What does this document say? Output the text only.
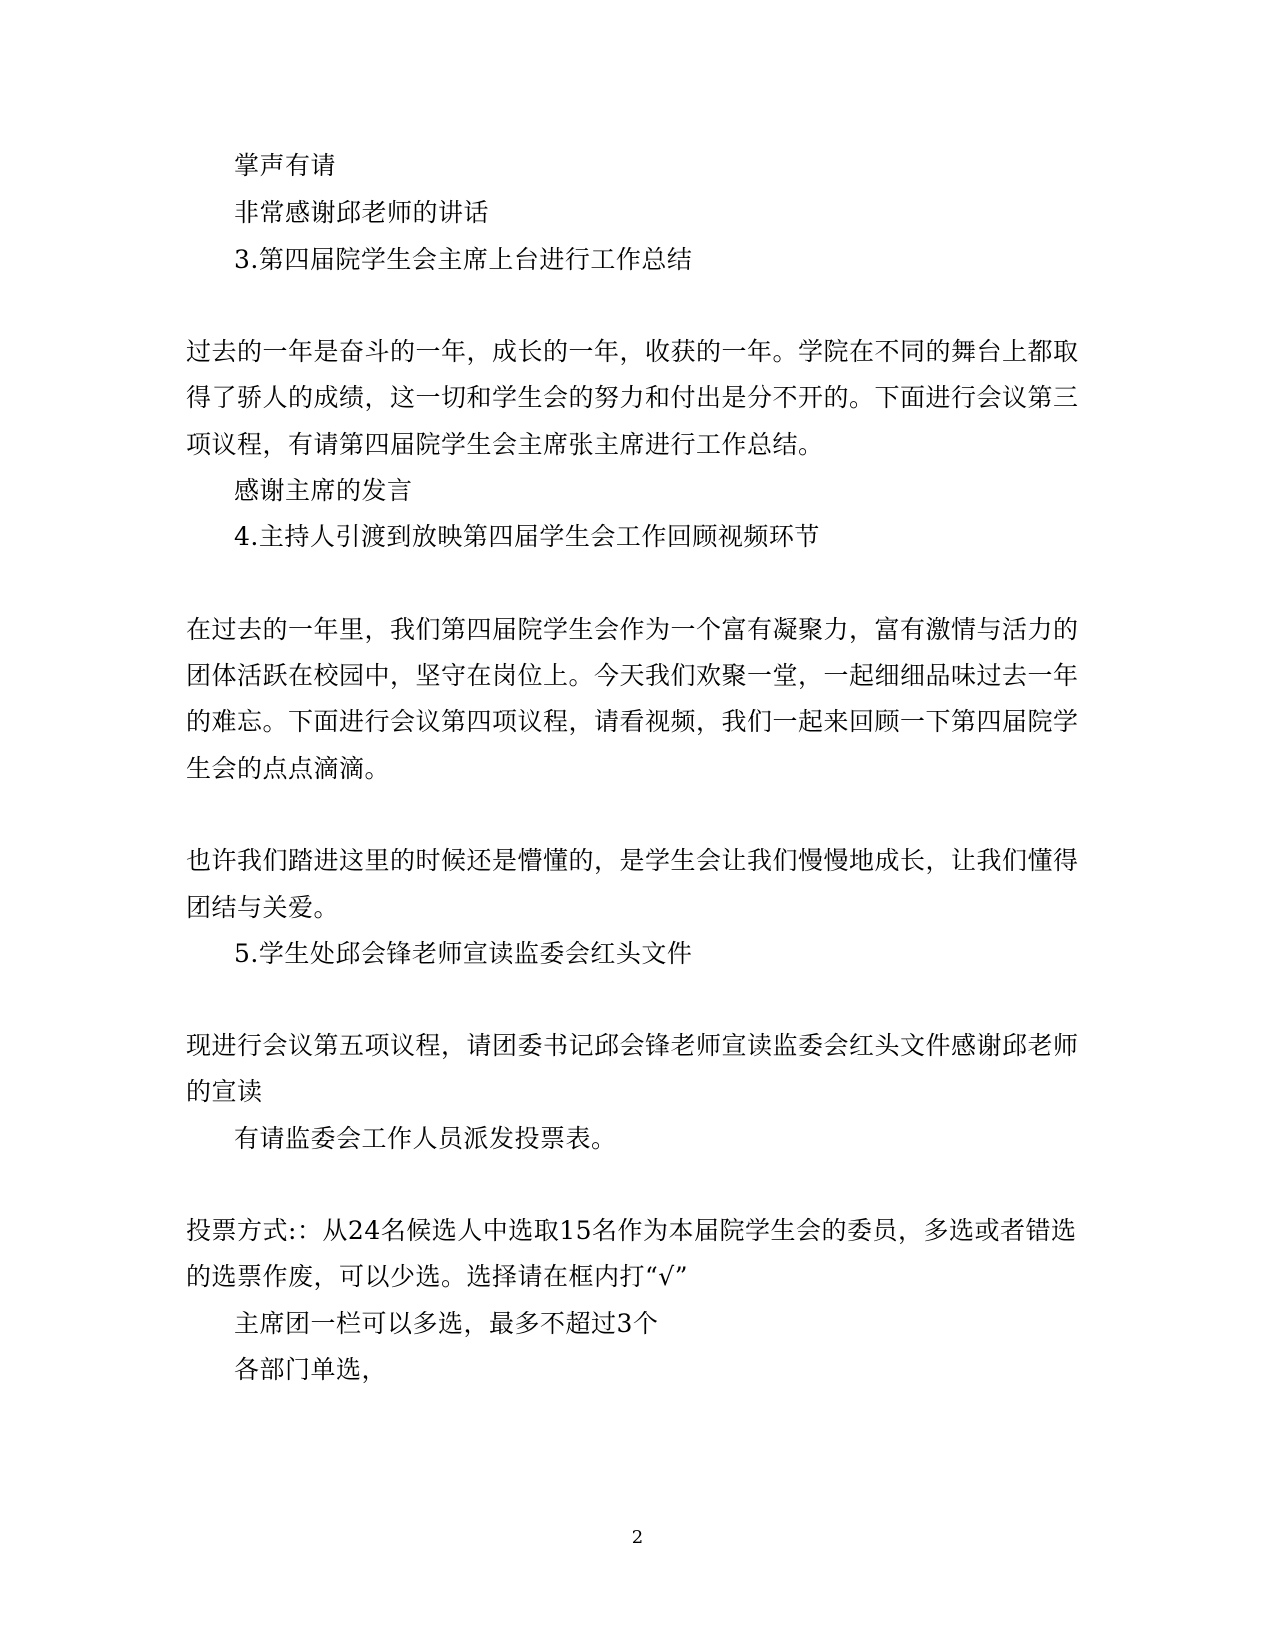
掌声有请
非常感谢邱老师的讲话
3.第四届院学生会主席上台进行工作总结
过去的一年是奋斗的一年，成长的一年，收获的一年。学院在不同的舞台上都取
得了骄人的成绩，这一切和学生会的努力和付出是分不开的。下面进行会议第三
项议程，有请第四届院学生会主席张主席进行工作总结。
感谢主席的发言
4.主持人引渡到放映第四届学生会工作回顾视频环节
在过去的一年里，我们第四届院学生会作为一个富有凝聚力，富有激情与活力的
团体活跃在校园中，坚守在岗位上。今天我们欢聚一堂，一起细细品味过去一年
的难忘。下面进行会议第四项议程，请看视频，我们一起来回顾一下第四届院学
生会的点点滴滴。
也许我们踏进这里的时候还是懵懂的，是学生会让我们慢慢地成长，让我们懂得
团结与关爱。
5.学生处邱会锋老师宣读监委会红头文件
现进行会议第五项议程，请团委书记邱会锋老师宣读监委会红头文件感谢邱老师
的宣读
有请监委会工作人员派发投票表。
投票方式:：从24名候选人中选取15名作为本届院学生会的委员，多选或者错选
的选票作废，可以少选。选择请在框内打“√”
主席团一栏可以多选，最多不超过3个
各部门单选，
2
